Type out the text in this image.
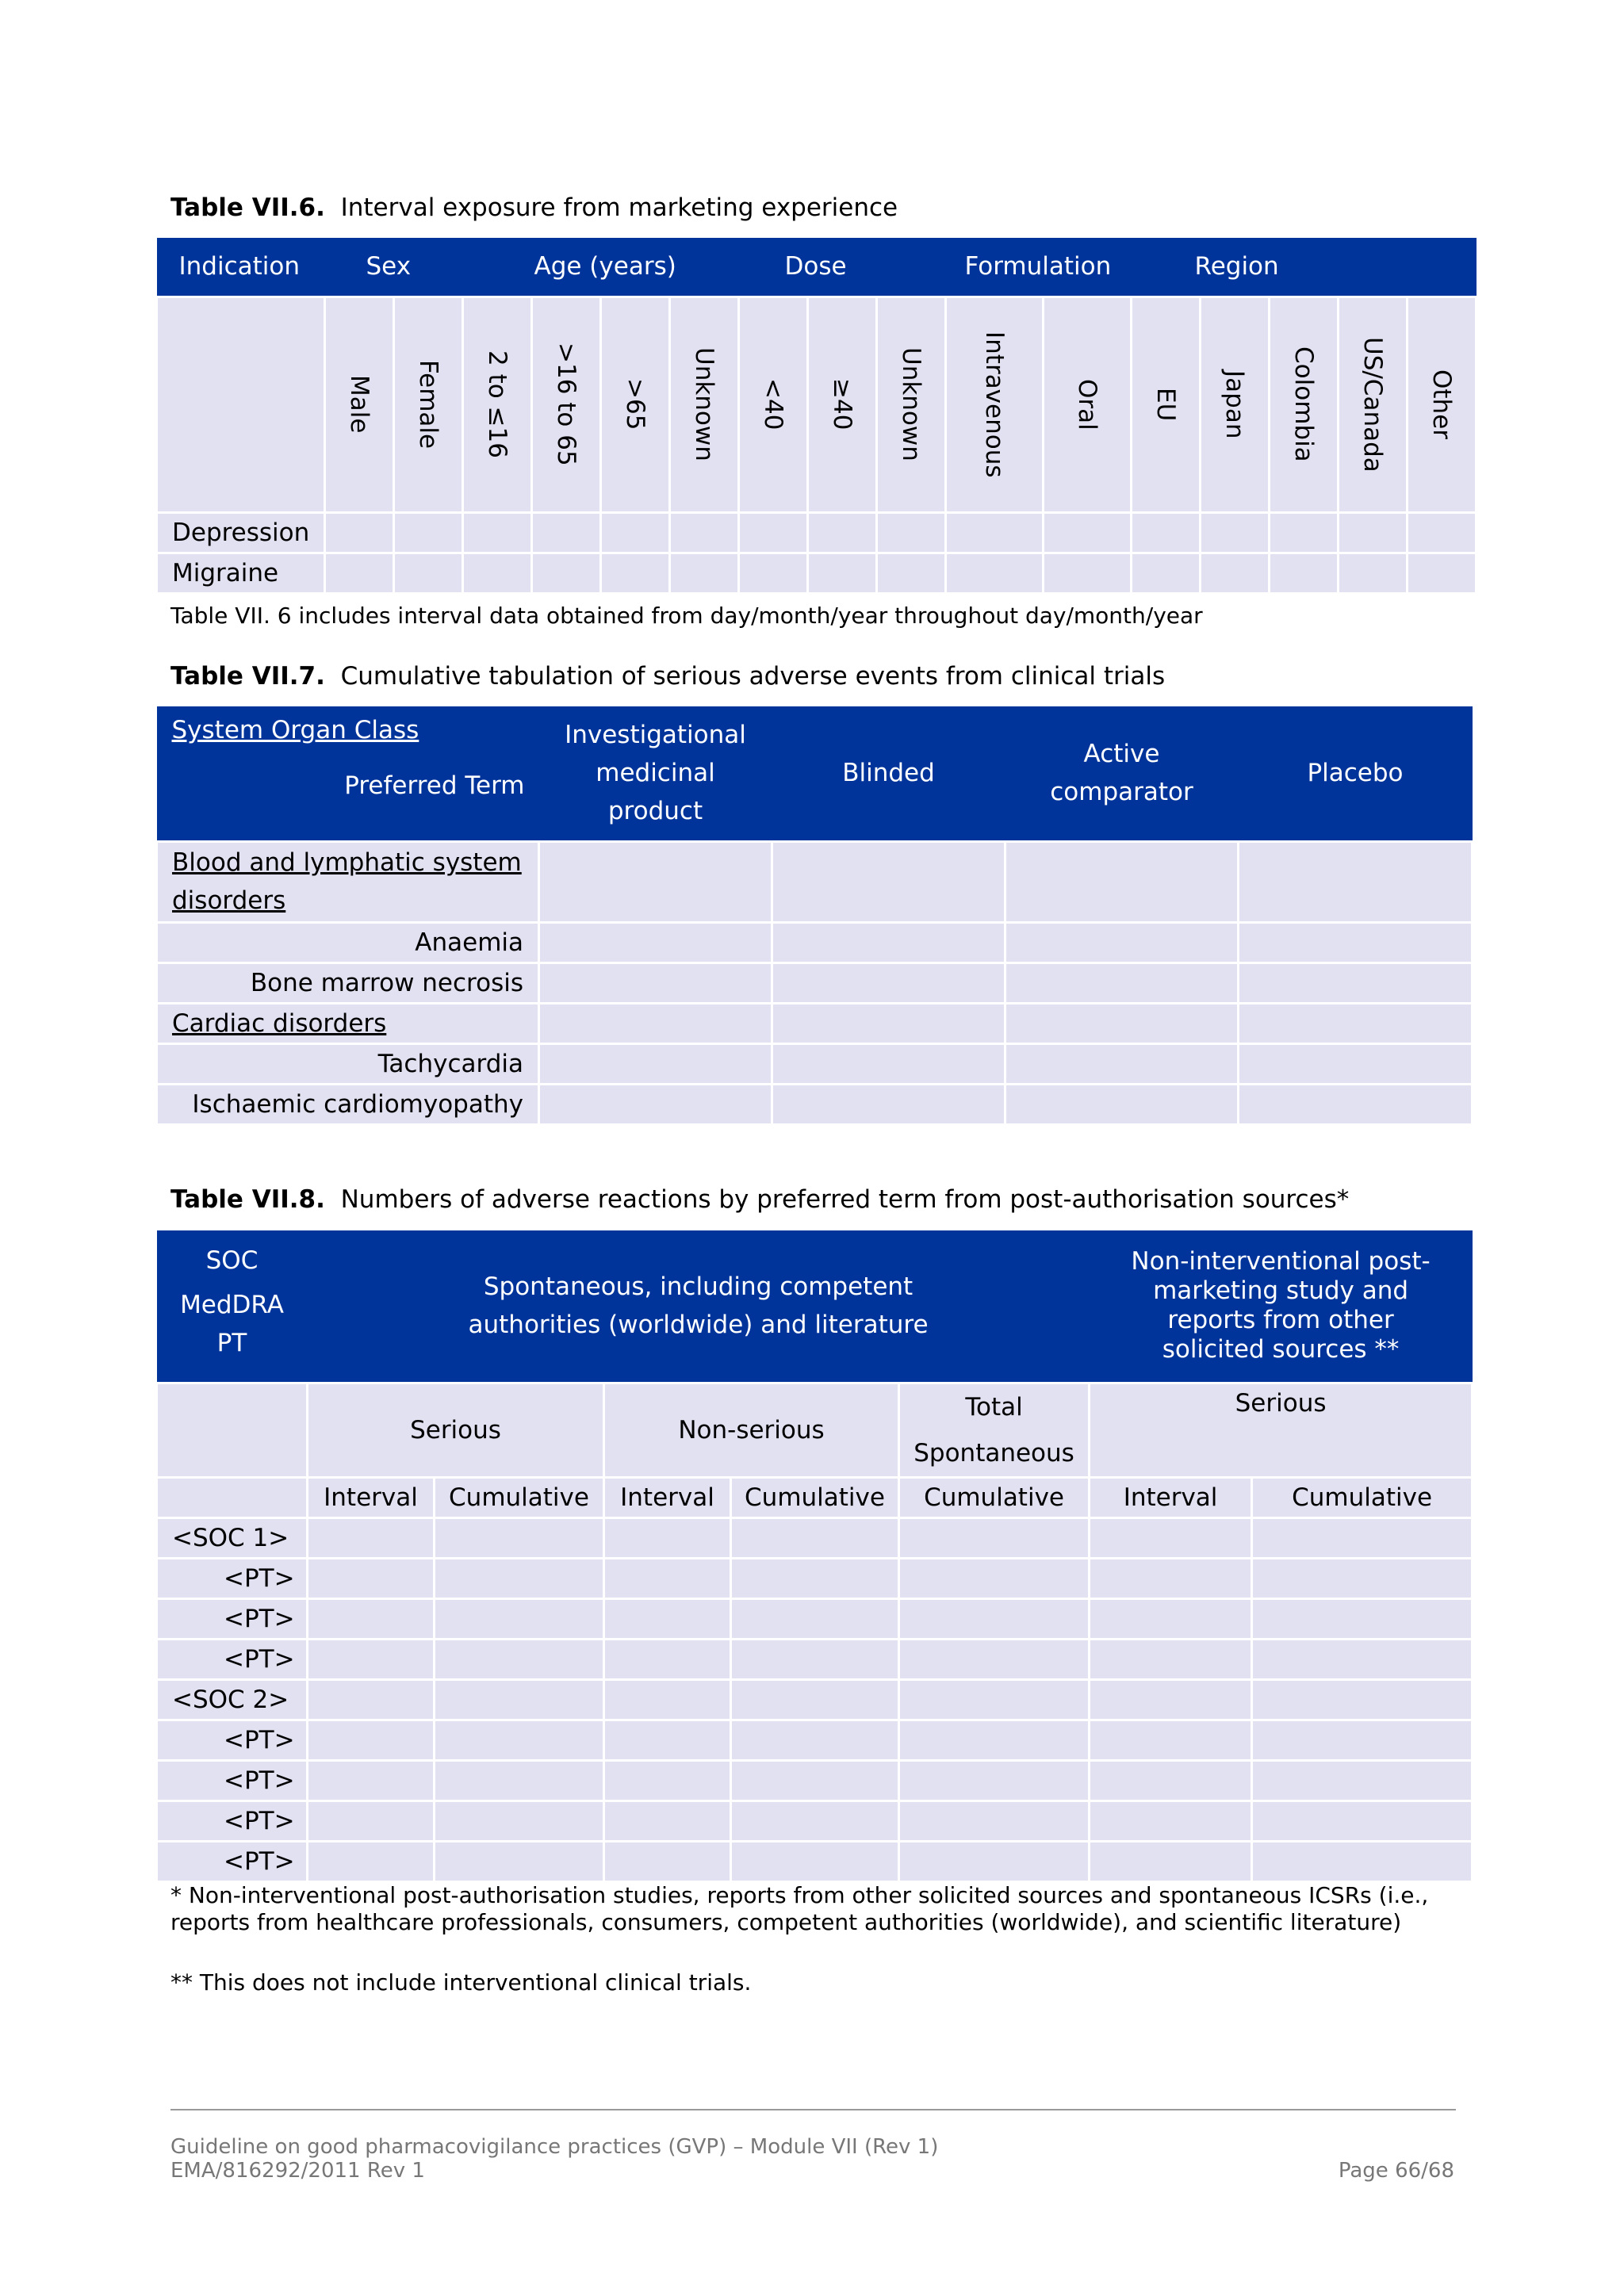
Table VII.6. Interval exposure from marketing experience
Indication	Sex		Age (years)				Dose			Formulation		Region				

	Male	Female	2 to ≤16	>16 to 65	>65	Unknown	<40	≥40	Unknown	Intravenous	Oral	EU	Japan	Colombia	US/Canada	Other

Depression																
Migraine																
Table VII. 6 includes interval data obtained from day/month/year throughout day/month/year
Table VII.7. Cumulative tabulation of serious adverse events from clinical trials
System Organ Class
Preferred Term	Investigational medicinal product	Blinded	Active comparator	Placebo
Blood and lymphatic system disorders				
Anaemia				
Bone marrow necrosis				
Cardiac disorders				
Tachycardia				
Ischaemic cardiomyopathy				
Table VII.8. Numbers of adverse reactions by preferred term from post-authorisation sources*
SOC
MedDRA PT	Spontaneous, including competent authorities (worldwide) and literature					Non-interventional post-marketing study and reports from other solicited sources **	
	Serious		Non-serious		Total Spontaneous	Serious	
	Interval	Cumulative	Interval	Cumulative	Cumulative	Interval	Cumulative
<SOC 1>							
<PT>							
<PT>							
<PT>							
<SOC 2>							
<PT>							
<PT>							
<PT>							
<PT>							
* Non-interventional post-authorisation studies, reports from other solicited sources and spontaneous ICSRs (i.e., reports from healthcare professionals, consumers, competent authorities (worldwide), and scientific literature)
** This does not include interventional clinical trials.
Guideline on good pharmacovigilance practices (GVP) – Module VII (Rev 1)
EMA/816292/2011 Rev 1	Page 66/68
